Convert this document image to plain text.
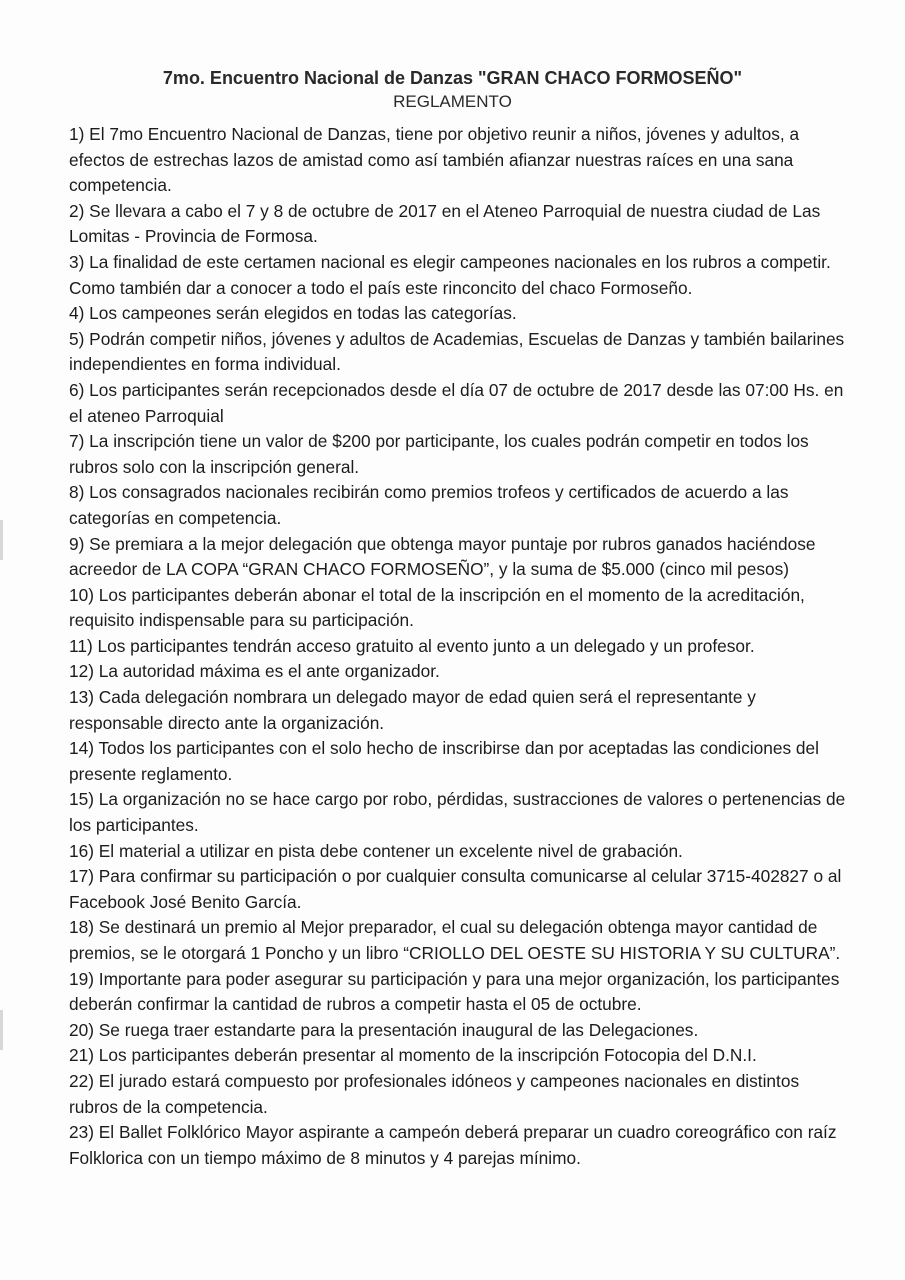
7mo. Encuentro Nacional de Danzas "GRAN CHACO FORMOSEÑO"
REGLAMENTO

1) El 7mo Encuentro Nacional de Danzas, tiene por objetivo reunir a niños, jóvenes y adultos, a efectos de estrechas lazos de amistad como así también afianzar nuestras raíces en una sana competencia.

2) Se llevara a cabo el 7 y 8 de octubre de 2017 en el Ateneo Parroquial de nuestra ciudad de Las Lomitas - Provincia de Formosa.

3) La finalidad de este certamen nacional es elegir campeones nacionales en los rubros a competir. Como también dar a conocer a todo el país este rinconcito del chaco Formoseño.

4) Los campeones serán elegidos en todas las categorías.

5) Podrán competir niños, jóvenes y adultos de Academias, Escuelas de Danzas y también bailarines independientes en forma individual.

6) Los participantes serán recepcionados desde el día 07 de octubre de 2017 desde las 07:00 Hs. en el ateneo Parroquial

7) La inscripción tiene un valor de $200 por participante, los cuales podrán competir en todos los rubros solo con la inscripción general.

8) Los consagrados nacionales recibirán como premios trofeos y certificados de acuerdo a las categorías en competencia.

9) Se premiara a la mejor delegación que obtenga mayor puntaje por rubros ganados haciéndose acreedor de LA COPA “GRAN CHACO FORMOSEÑO”, y la suma de $5.000 (cinco mil pesos)

10) Los participantes deberán abonar el total de la inscripción en el momento de la acreditación, requisito indispensable para su participación.

11) Los participantes tendrán acceso gratuito al evento junto a un delegado y un profesor.

12) La autoridad máxima es el ante organizador.

13) Cada delegación nombrara un delegado mayor de edad quien será el representante y responsable directo ante la organización.

14) Todos los participantes con el solo hecho de inscribirse dan por aceptadas las condiciones del presente reglamento.

15) La organización no se hace cargo por robo, pérdidas, sustracciones de valores o pertenencias de los participantes.

16) El material a utilizar en pista debe contener un excelente nivel de grabación.

17) Para confirmar su participación o por cualquier consulta comunicarse al celular 3715-402827 o al Facebook José Benito García.

18) Se destinará un premio al Mejor preparador, el cual su delegación obtenga mayor cantidad de premios, se le otorgará 1 Poncho y un libro “CRIOLLO DEL OESTE SU HISTORIA Y SU CULTURA”.

19) Importante para poder asegurar su participación y para una mejor organización, los participantes deberán confirmar la cantidad de rubros a competir hasta el 05 de octubre.

20) Se ruega traer estandarte para la presentación inaugural de las Delegaciones.

21) Los participantes deberán presentar al momento de la inscripción Fotocopia del D.N.I.

22) El jurado estará compuesto por profesionales idóneos y campeones nacionales en distintos rubros de la competencia.

23) El Ballet Folklórico Mayor aspirante a campeón deberá preparar un cuadro coreográfico con raíz Folklorica con un tiempo máximo de 8 minutos y 4 parejas mínimo.
